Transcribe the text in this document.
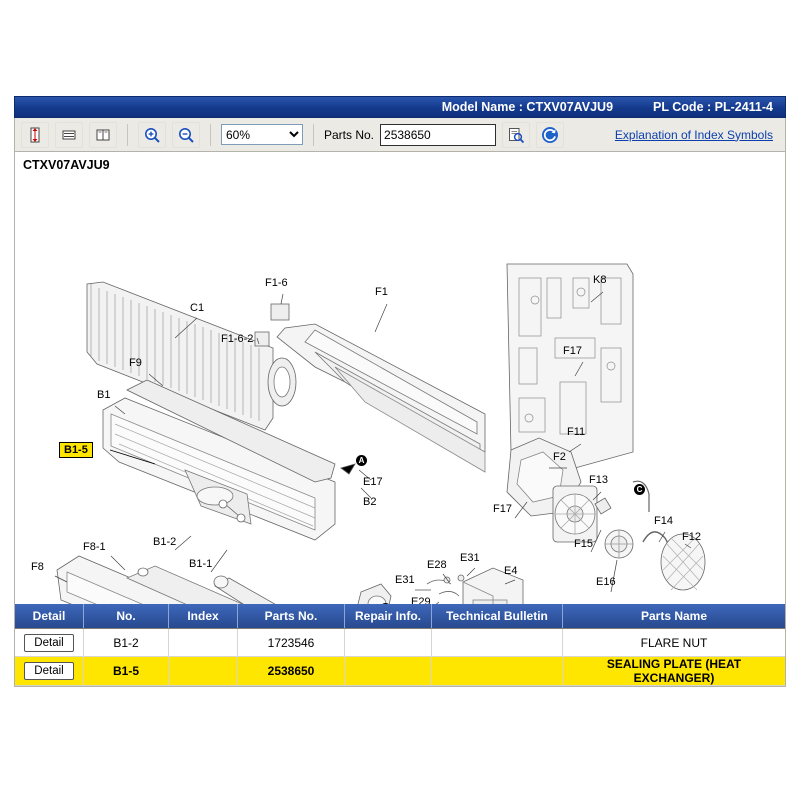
Model Name : CTXV07AVJU9	PL Code : PL-2411-4
60%
Parts No.
2538650	Explanation of Index Symbols
CTXV07AVJU9
B1-5
C1
F1-6
F1
K8
F1-6-2
F9
F17
B1
F11
F2
F13
E17
B2
F17
F14
F12
F15
B1-2
E16
B1-1
F8-1
F8	E28
E31
E4
E31
E29
A
C
Detail	No.	Index	Parts No.	Repair Info.	Technical Bulletin	Parts Name
Detail	B1-2		1723546			FLARE NUT
Detail	B1-5		2538650			SEALING PLATE (HEAT EXCHANGER)
